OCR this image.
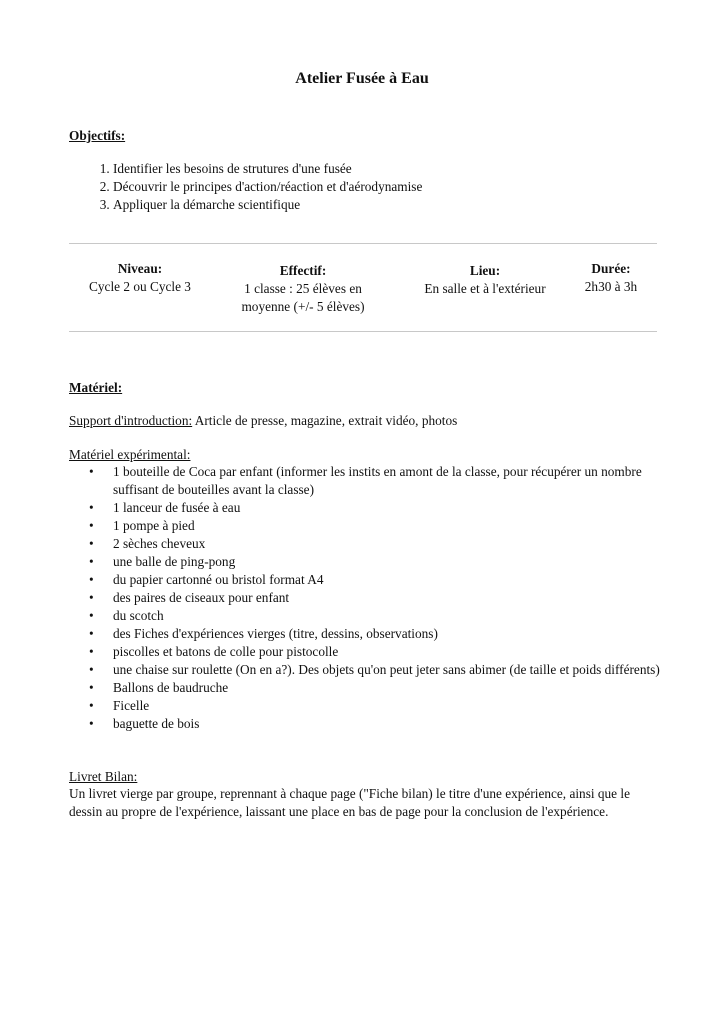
Atelier Fusée à Eau
Objectifs:
1. Identifier les besoins de strutures d'une fusée
2. Découvrir le principes d'action/réaction et d'aérodynamise
3. Appliquer la démarche scientifique
Niveau:
Cycle 2 ou Cycle 3
Effectif:
1 classe : 25 élèves en moyenne (+/- 5 élèves)
Lieu:
En salle et à l'extérieur
Durée:
2h30 à 3h
Matériel:
Support d'introduction: Article de presse, magazine, extrait vidéo, photos
Matériel expérimental:
• 1 bouteille de Coca par enfant (informer les instits en amont de la classe, pour récupérer un nombre suffisant de bouteilles avant la classe)
• 1 lanceur de fusée à eau
• 1 pompe à pied
• 2 sèches cheveux
• une balle de ping-pong
• du papier cartonné ou bristol format A4
• des paires de ciseaux pour enfant
• du scotch
• des Fiches d'expériences vierges (titre, dessins, observations)
• piscolles et batons de colle pour pistocolle
• une chaise sur roulette (On en a?). Des objets qu'on peut jeter sans abimer (de taille et poids différents)
• Ballons de baudruche
• Ficelle
• baguette de bois
Livret Bilan:
Un livret vierge par groupe, reprennant à chaque page ("Fiche bilan) le titre d'une expérience, ainsi que le dessin au propre de l'expérience, laissant une place en bas de page pour la conclusion de l'expérience.
